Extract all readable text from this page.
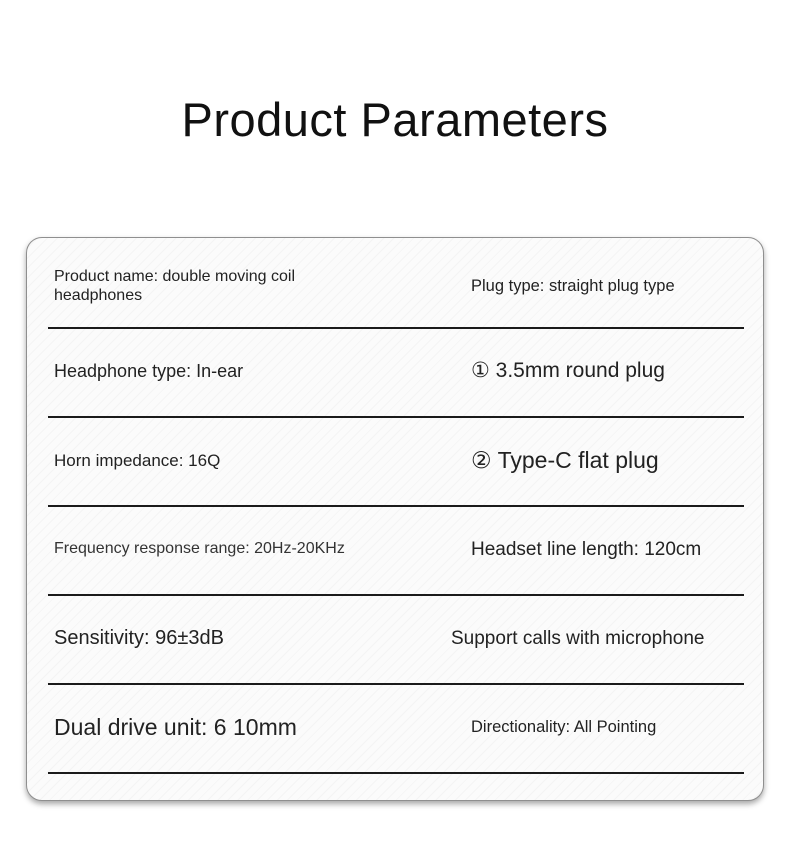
Product Parameters
Product name: double moving coil headphones	Plug type: straight plug type
Headphone type: In-ear	① 3.5mm round plug
Horn impedance: 16Q	② Type-C flat plug
Frequency response range: 20Hz-20KHz	Headset line length: 120cm
Sensitivity: 96±3dB	Support calls with microphone
Dual drive unit: 6 10mm	Directionality: All Pointing
